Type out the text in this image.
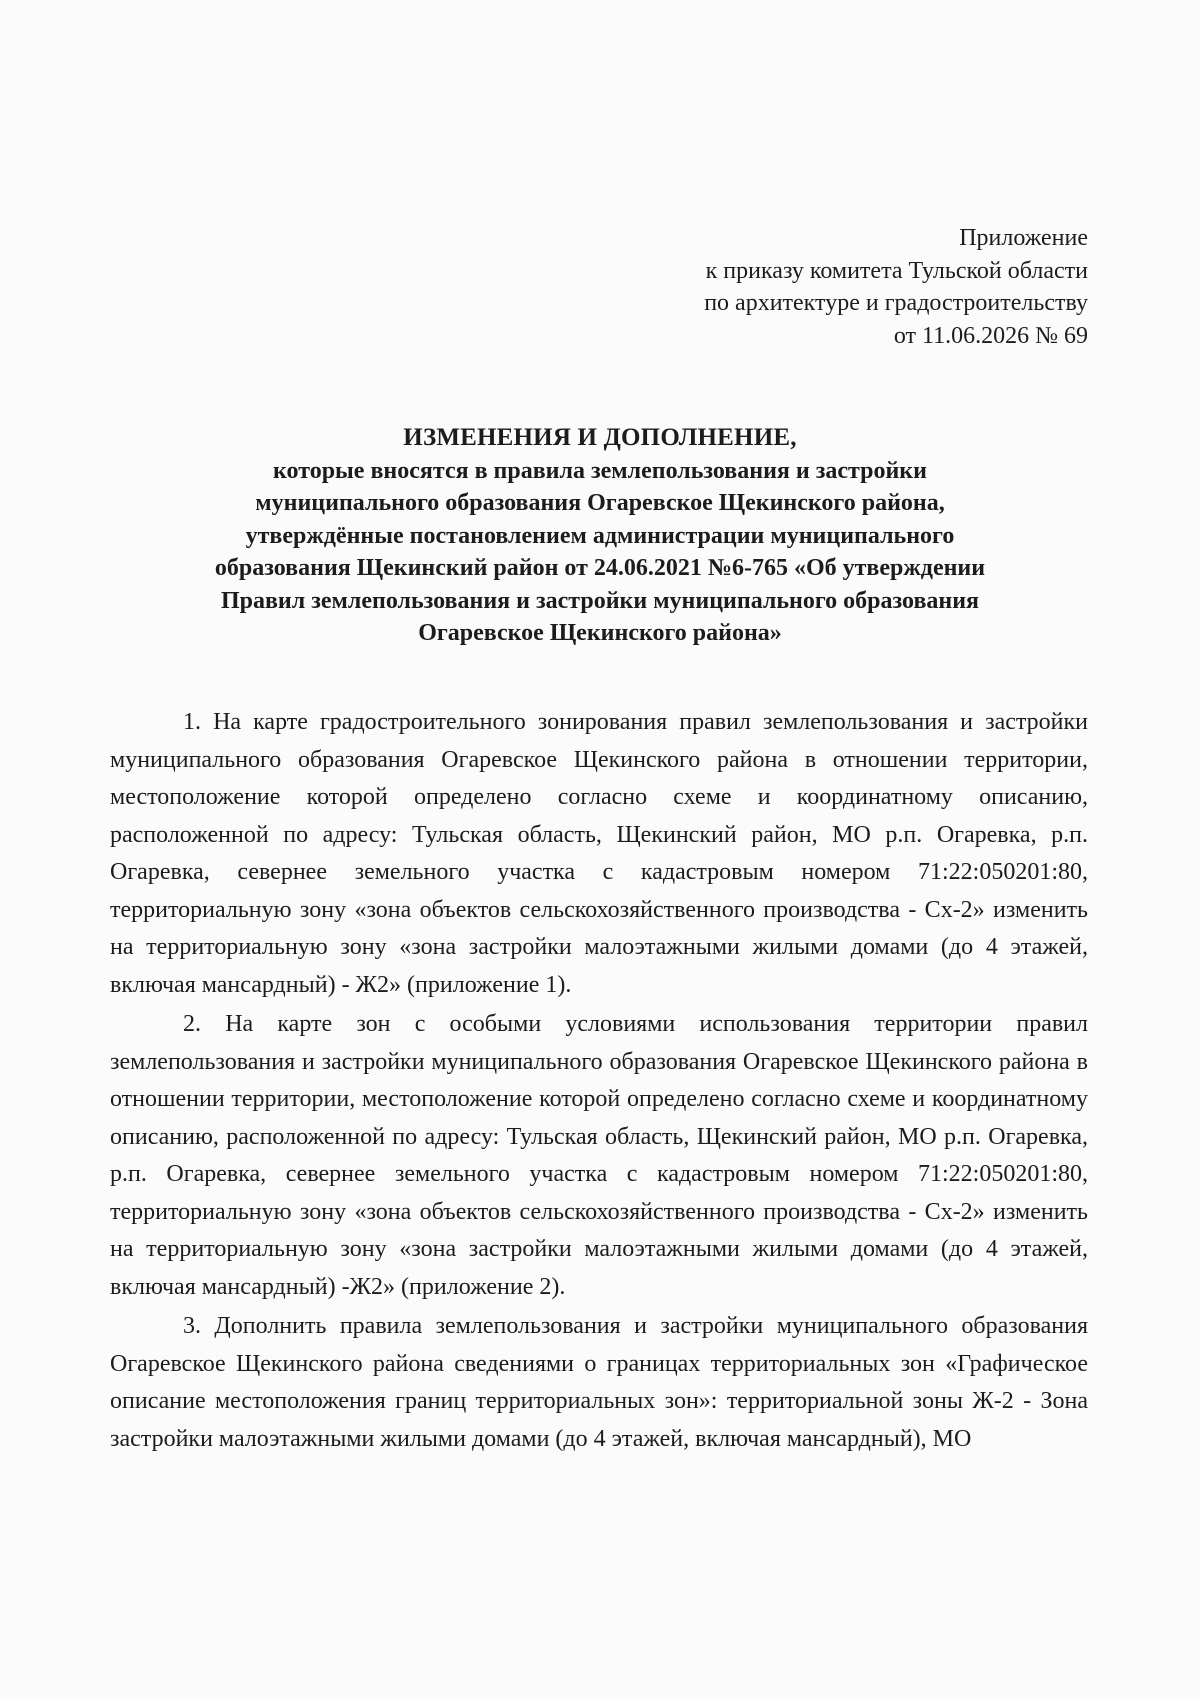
Приложение
к приказу комитета Тульской области
по архитектуре и градостроительству
от 11.06.2026 № 69
ИЗМЕНЕНИЯ И ДОПОЛНЕНИЕ,
которые вносятся в правила землепользования и застройки
муниципального образования Огаревское Щекинского района,
утверждённые постановлением администрации муниципального
образования Щекинский район от 24.06.2021 №6-765 «Об утверждении
Правил землепользования и застройки муниципального образования
Огаревское Щекинского района»

1. На карте градостроительного зонирования правил землепользования и застройки муниципального образования Огаревское Щекинского района в отношении территории, местоположение которой определено согласно схеме и координатному описанию, расположенной по адресу: Тульская область, Щекинский район, МО р.п. Огаревка, р.п. Огаревка, севернее земельного участка с кадастровым номером 71:22:050201:80, территориальную зону «зона объектов сельскохозяйственного производства - Сх-2» изменить на территориальную зону «зона застройки малоэтажными жилыми домами (до 4 этажей, включая мансардный) - Ж2» (приложение 1).

2. На карте зон с особыми условиями использования территории правил землепользования и застройки муниципального образования Огаревское Щекинского района в отношении территории, местоположение которой определено согласно схеме и координатному описанию, расположенной по адресу: Тульская область, Щекинский район, МО р.п. Огаревка, р.п. Огаревка, севернее земельного участка с кадастровым номером 71:22:050201:80, территориальную зону «зона объектов сельскохозяйственного производства - Сх-2» изменить на территориальную зону «зона застройки малоэтажными жилыми домами (до 4 этажей, включая мансардный) -Ж2» (приложение 2).

3. Дополнить правила землепользования и застройки муниципального образования Огаревское Щекинского района сведениями о границах территориальных зон «Графическое описание местоположения границ территориальных зон»: территориальной зоны Ж-2 - Зона застройки малоэтажными жилыми домами (до 4 этажей, включая мансардный), МО
